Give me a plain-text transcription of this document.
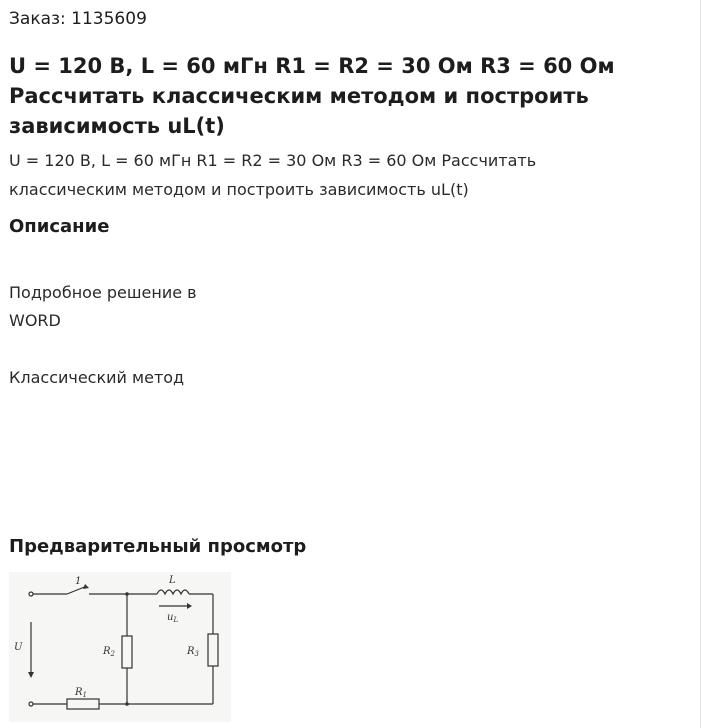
Заказ: 1135609
U = 120 В, L = 60 мГн R1 = R2 = 30 Ом R3 = 60 Ом
Рассчитать классическим методом и построить
зависимость uL(t)
U = 120 В, L = 60 мГн R1 = R2 = 30 Ом R3 = 60 Ом Рассчитать
классическим методом и построить зависимость uL(t)
Описание
Подробное решение в
WORD
Классический метод
Предварительный просмотр
U
1	L
$u_L$
$R_2$	$R_3$
$R_1$
